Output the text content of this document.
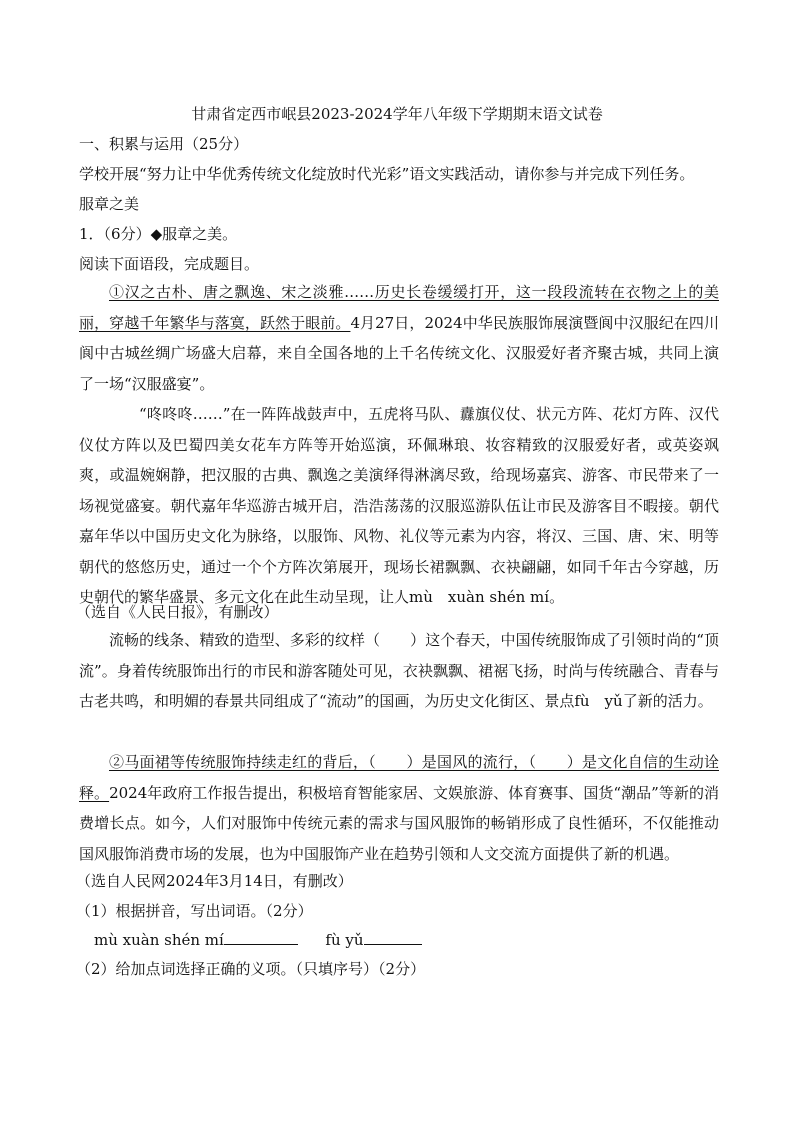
甘肃省定西市岷县2023-2024学年八年级下学期期末语文试卷
一、积累与运用（25分）
学校开展“努力让中华优秀传统文化绽放时代光彩”语文实践活动，请你参与并完成下列任务。
服章之美
1．（6分）◆服章之美。
阅读下面语段，完成题目。
①汉之古朴、唐之飘逸、宋之淡雅……历史长卷缓缓打开，这一段段流转在衣物之上的美丽，穿越千年繁华与落寞，跃然于眼前。4月27日，2024中华民族服饰展演暨阆中汉服纪在四川阆中古城丝绸广场盛大启幕，来自全国各地的上千名传统文化、汉服爱好者齐聚古城，共同上演了一场“汉服盛宴”。
“咚咚咚……”在一阵阵战鼓声中，五虎将马队、纛旗仪仗、状元方阵、花灯方阵、汉代仪仗方阵以及巴蜀四美女花车方阵等开始巡演，环佩琳琅、妆容精致的汉服爱好者，或英姿飒爽，或温婉娴静，把汉服的古典、飘逸之美演绎得淋漓尽致，给现场嘉宾、游客、市民带来了一场视觉盛宴。朝代嘉年华巡游古城开启，浩浩荡荡的汉服巡游队伍让市民及游客目不暇接。朝代嘉年华以中国历史文化为脉络，以服饰、风物、礼仪等元素为内容，将汉、三国、唐、宋、明等朝代的悠悠历史，通过一个个方阵次第展开，现场长裙飘飘、衣袂翩翩，如同千年古今穿越，历史朝代的繁华盛景、多元文化在此生动呈现，让人mù　xuàn shén mí。
（选自《人民日报》，有删改）
流畅的线条、精致的造型、多彩的纹样（　　）这个春天，中国传统服饰成了引领时尚的“顶流”。身着传统服饰出行的市民和游客随处可见，衣袂飘飘、裙裾飞扬，时尚与传统融合、青春与古老共鸣，和明媚的春景共同组成了“流动”的国画，为历史文化街区、景点fù　yǔ了新的活力。
②马面裙等传统服饰持续走红的背后，（　　）是国风的流行，（　　）是文化自信的生动诠释。2024年政府工作报告提出，积极培育智能家居、文娱旅游、体育赛事、国货“潮品”等新的消费增长点。如今，人们对服饰中传统元素的需求与国风服饰的畅销形成了良性循环，不仅能推动国风服饰消费市场的发展，也为中国服饰产业在趋势引领和人文交流方面提供了新的机遇。
（选自人民网2024年3月14日，有删改）
（1）根据拼音，写出词语。（2分）
mù xuàn shén mí	fù yǔ
（2）给加点词选择正确的义项。（只填序号）（2分）
